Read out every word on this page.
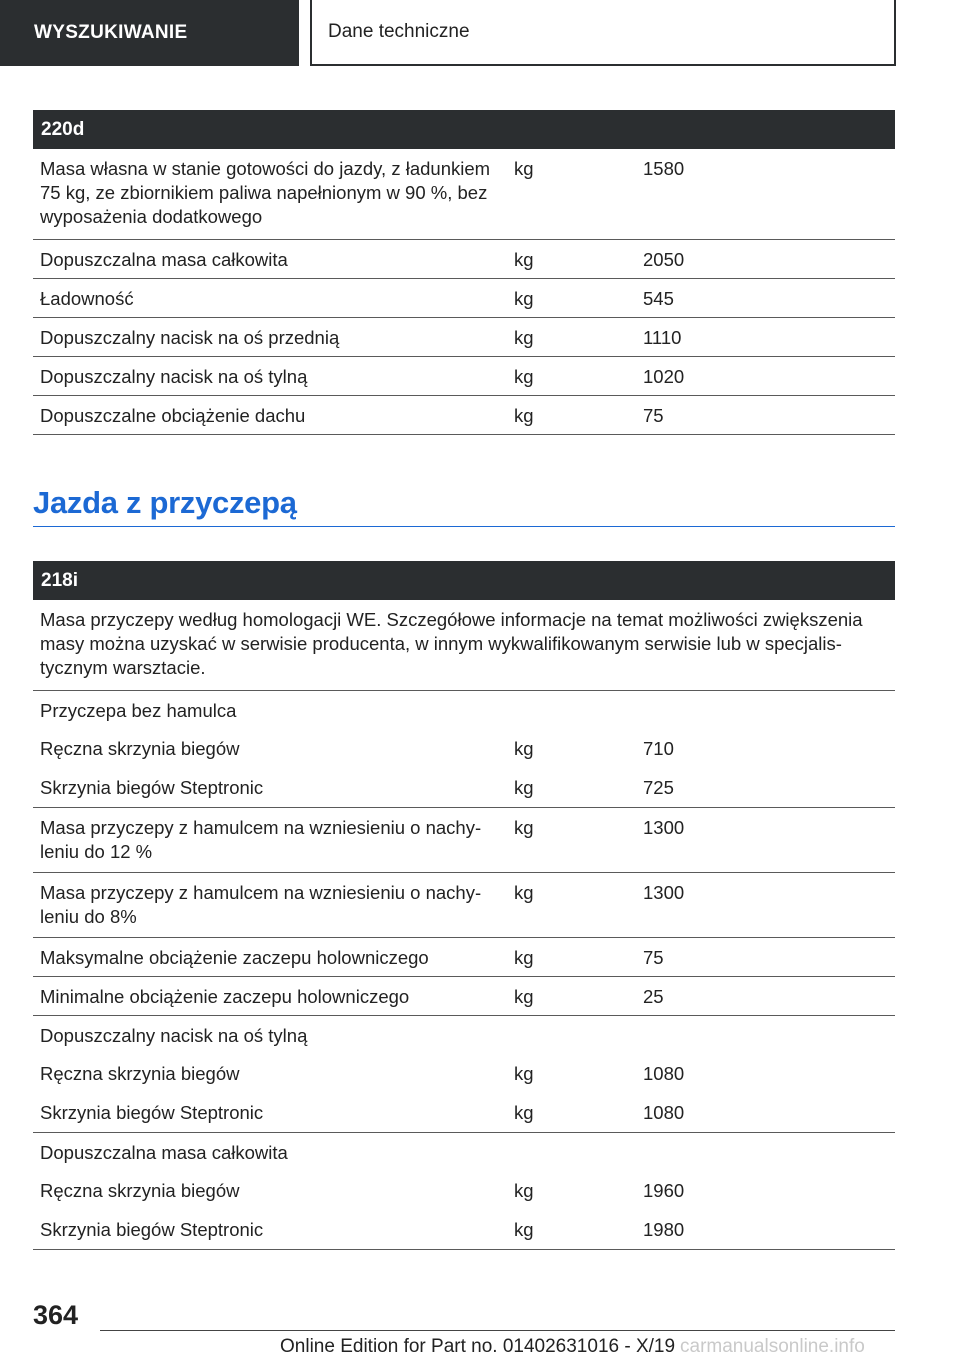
WYSZUKIWANIE	Dane techniczne
220d		
Masa własna w stanie gotowości do jazdy, z ładunkiem 75 kg, ze zbiornikiem paliwa napełnionym w 90 %, bez wyposażenia dodatkowego	kg	1580
Dopuszczalna masa całkowita	kg	2050
Ładowność	kg	545
Dopuszczalny nacisk na oś przednią	kg	1110
Dopuszczalny nacisk na oś tylną	kg	1020
Dopuszczalne obciążenie dachu	kg	75
Jazda z przyczepą
218i		
Masa przyczepy według homologacji WE. Szczegółowe informacje na temat możliwości zwiększenia masy można uzyskać w serwisie producenta, w innym wykwalifikowanym serwisie lub w specjalis-tycznym warsztacie.		
Przyczepa bez hamulca		
Ręczna skrzynia biegów	kg	710
Skrzynia biegów Steptronic	kg	725
Masa przyczepy z hamulcem na wzniesieniu o nachy-leniu do 12 %	kg	1300
Masa przyczepy z hamulcem na wzniesieniu o nachy-leniu do 8%	kg	1300
Maksymalne obciążenie zaczepu holowniczego	kg	75
Minimalne obciążenie zaczepu holowniczego	kg	25
Dopuszczalny nacisk na oś tylną		
Ręczna skrzynia biegów	kg	1080
Skrzynia biegów Steptronic	kg	1080
Dopuszczalna masa całkowita		
Ręczna skrzynia biegów	kg	1960
Skrzynia biegów Steptronic	kg	1980
364
Online Edition for Part no. 01402631016 - X/19 carmanualsonline.info
